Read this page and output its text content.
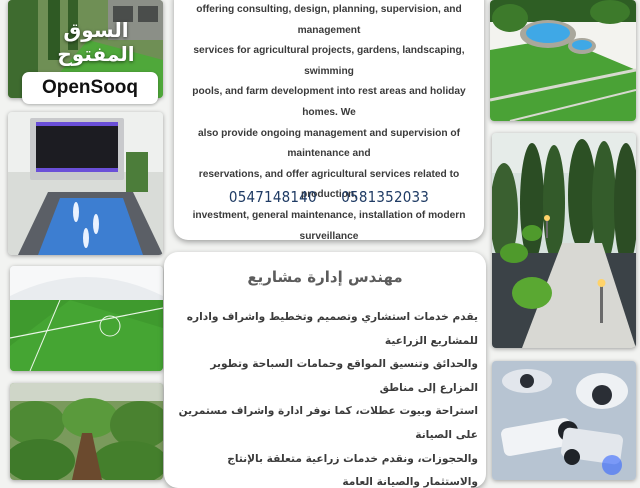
السوق المفتوح
OpenSooq
offering consulting, design, planning, supervision, and management
services for agricultural projects, gardens, landscaping, swimming
pools, and farm development into rest areas and holiday homes. We
also provide ongoing management and supervision of maintenance and
reservations, and offer agricultural services related to production,
investment, general maintenance, installation of modern surveillance
0547148140 0581352033
مهندس إدارة مشاريع
يقدم خدمات استشاري وتصميم وتخطيط واشراف واداره للمشاريع الزراعية
والحدائق وتنسيق المواقع وحمامات السباحة وتطوير المزارع إلى مناطق
استراحة وبيوت عطلات، كما نوفر ادارة واشراف مستمرين على الصيانة
والحجوزات، ونقدم خدمات زراعية متعلقة بالإنتاج والاستثمار والصيانة العامة
